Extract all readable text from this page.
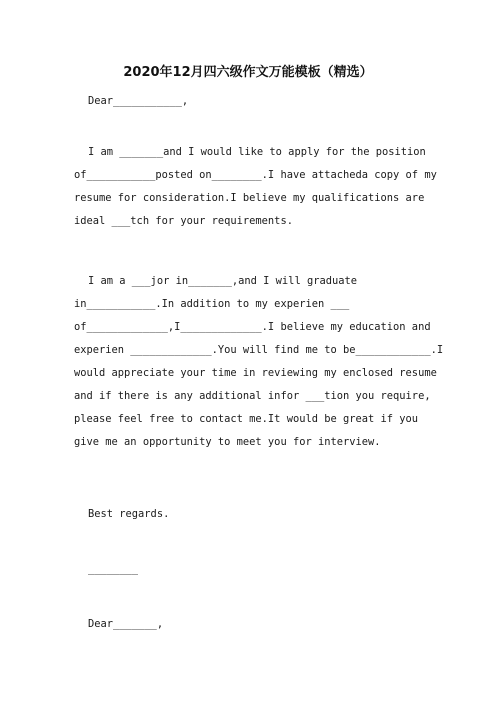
2020年12月四六级作文万能模板（精选）
Dear___________,
I am _______and I would like to apply for the position
of___________posted on________.I have attacheda copy of my
resume for consideration.I believe my qualifications are
ideal ___tch for your requirements.
I am a ___jor in_______,and I will graduate
in___________.In addition to my experien ___
of_____________,I_____________.I believe my education and
experien _____________.You will find me to be____________.I
would appreciate your time in reviewing my enclosed resume
and if there is any additional infor ___tion you require,
please feel free to contact me.It would be great if you
give me an opportunity to meet you for interview.
Best regards.
________
Dear_______,
